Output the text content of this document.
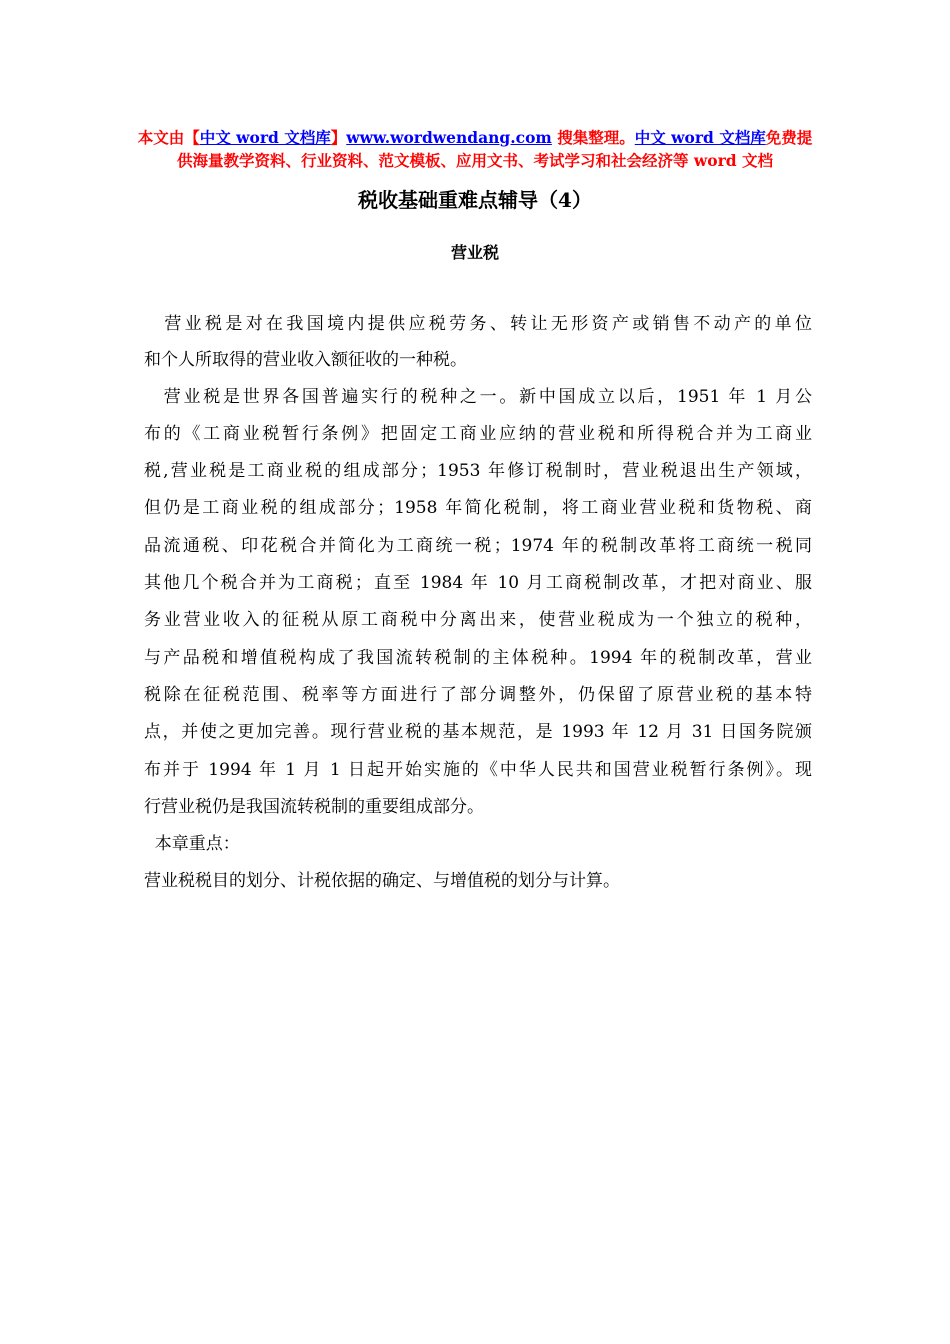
本文由【中文 word 文档库】www.wordwendang.com 搜集整理。中文 word 文档库免费提
供海量教学资料、行业资料、范文模板、应用文书、考试学习和社会经济等 word 文档
税收基础重难点辅导（4）
营业税
　营业税是对在我国境内提供应税劳务、转让无形资产或销售不动产的单位
和个人所取得的营业收入额征收的一种税。
　营业税是世界各国普遍实行的税种之一。新中国成立以后，1951 年 1 月公
布的《工商业税暂行条例》把固定工商业应纳的营业税和所得税合并为工商业
税,营业税是工商业税的组成部分；1953 年修订税制时，营业税退出生产领域，
但仍是工商业税的组成部分；1958 年简化税制，将工商业营业税和货物税、商
品流通税、印花税合并简化为工商统一税；1974 年的税制改革将工商统一税同
其他几个税合并为工商税；直至 1984 年 10 月工商税制改革，才把对商业、服
务业营业收入的征税从原工商税中分离出来，使营业税成为一个独立的税种，
与产品税和增值税构成了我国流转税制的主体税种。1994 年的税制改革，营业
税除在征税范围、税率等方面进行了部分调整外，仍保留了原营业税的基本特
点，并使之更加完善。现行营业税的基本规范，是 1993 年 12 月 31 日国务院颁
布并于 1994 年 1 月 1 日起开始实施的《中华人民共和国营业税暂行条例》。现
行营业税仍是我国流转税制的重要组成部分。
本章重点：
营业税税目的划分、计税依据的确定、与增值税的划分与计算。
